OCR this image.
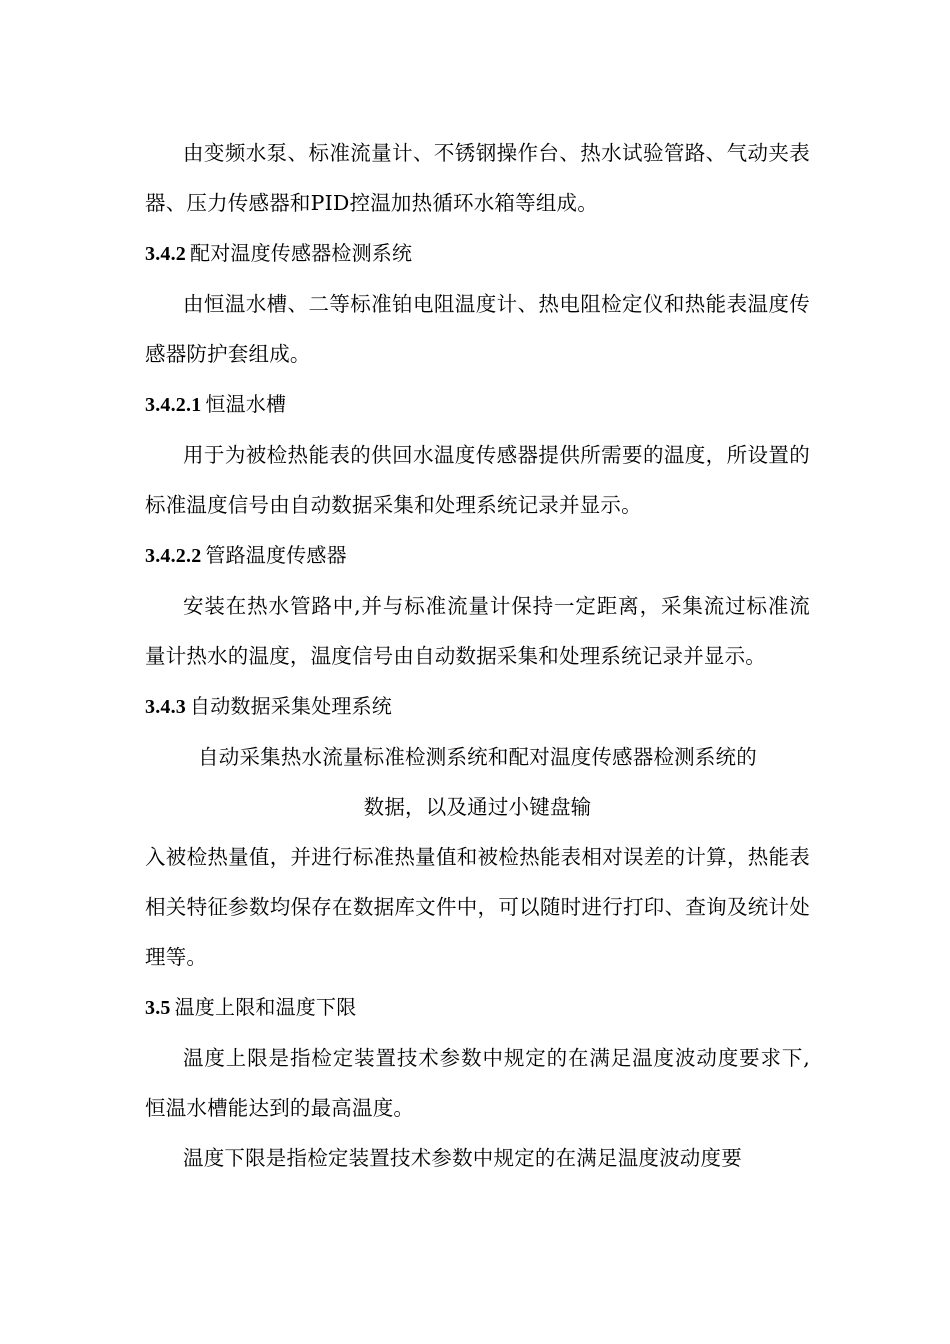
由变频水泵、标准流量计、不锈钢操作台、热水试验管路、气动夹表器、压力传感器和PID控温加热循环水箱等组成。

3.4.2 配对温度传感器检测系统

由恒温水槽、二等标准铂电阻温度计、热电阻检定仪和热能表温度传感器防护套组成。

3.4.2.1 恒温水槽

用于为被检热能表的供回水温度传感器提供所需要的温度，所设置的标准温度信号由自动数据采集和处理系统记录并显示。

3.4.2.2 管路温度传感器

安装在热水管路中,并与标准流量计保持一定距离，采集流过标准流量计热水的温度，温度信号由自动数据采集和处理系统记录并显示。

3.4.3 自动数据采集处理系统

自动采集热水流量标准检测系统和配对温度传感器检测系统的

数据，以及通过小键盘输

入被检热量值，并进行标准热量值和被检热能表相对误差的计算，热能表相关特征参数均保存在数据库文件中，可以随时进行打印、查询及统计处理等。

3.5 温度上限和温度下限

温度上限是指检定装置技术参数中规定的在满足温度波动度要求下,恒温水槽能达到的最高温度。

温度下限是指检定装置技术参数中规定的在满足温度波动度要
